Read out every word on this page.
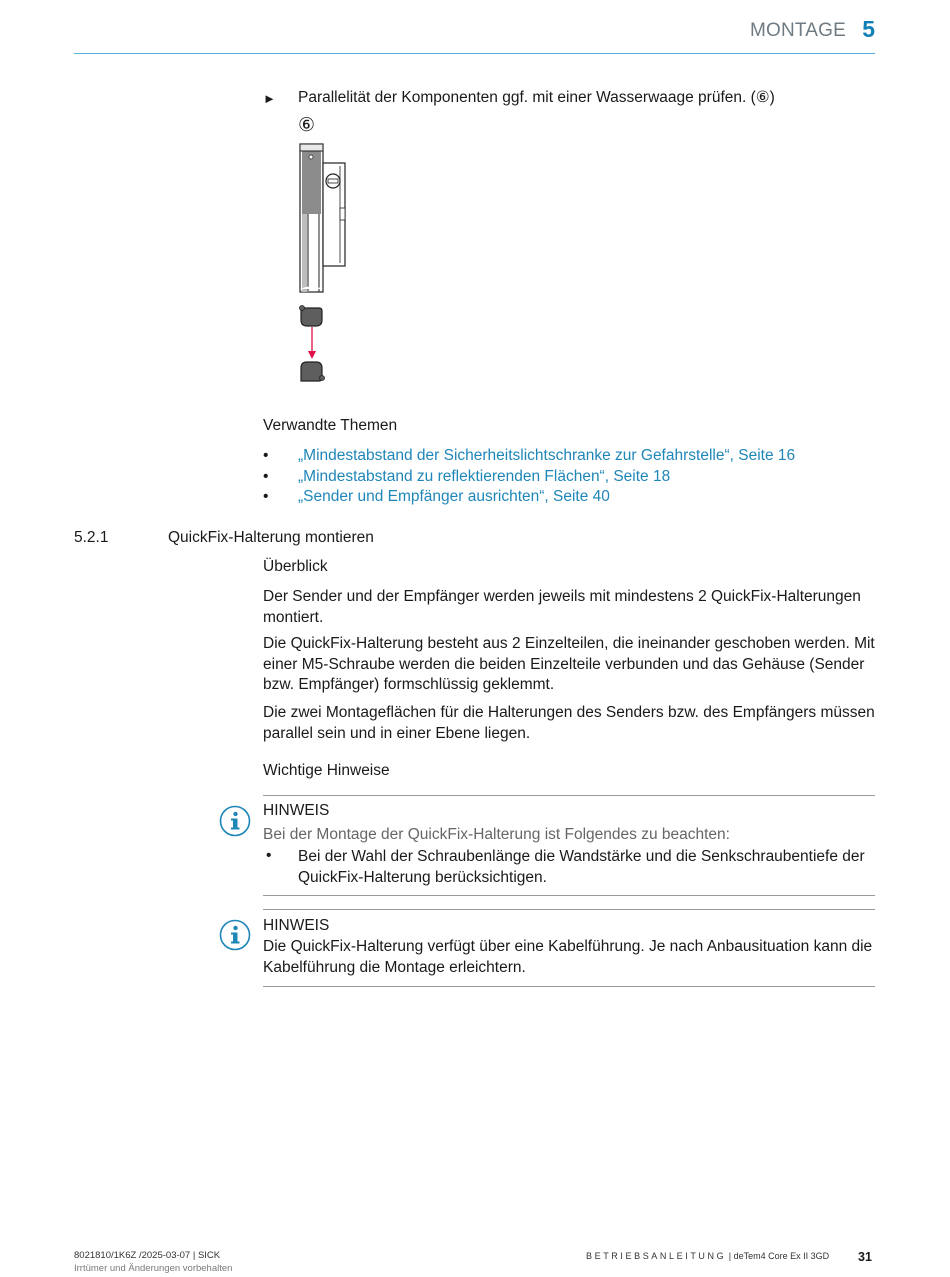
MONTAGE 5
► Parallelität der Komponenten ggf. mit einer Wasserwaage prüfen. (⑥)
⑥
Verwandte Themen
• „Mindestabstand der Sicherheitslichtschranke zur Gefahrstelle“, Seite 16
• „Mindestabstand zu reflektierenden Flächen“, Seite 18
• „Sender und Empfänger ausrichten“, Seite 40
5.2.1	QuickFix-Halterung montieren
Überblick
Der Sender und der Empfänger werden jeweils mit mindestens 2 QuickFix-Halterungen montiert.
Die QuickFix-Halterung besteht aus 2 Einzelteilen, die ineinander geschoben werden. Mit einer M5-Schraube werden die beiden Einzelteile verbunden und das Gehäuse (Sender bzw. Empfänger) formschlüssig geklemmt.
Die zwei Montageflächen für die Halterungen des Senders bzw. des Empfängers müssen parallel sein und in einer Ebene liegen.
Wichtige Hinweise
HINWEIS
Bei der Montage der QuickFix-Halterung ist Folgendes zu beachten:
• Bei der Wahl der Schraubenlänge die Wandstärke und die Senkschraubentiefe der QuickFix-Halterung berücksichtigen.
HINWEIS
Die QuickFix-Halterung verfügt über eine Kabelführung. Je nach Anbausituation kann die Kabelführung die Montage erleichtern.
8021810/1K6Z /2025-03-07 | SICK
Irrtümer und Änderungen vorbehalten
BETRIEBSANLEITUNG | deTem4 Core Ex II 3GD 31
